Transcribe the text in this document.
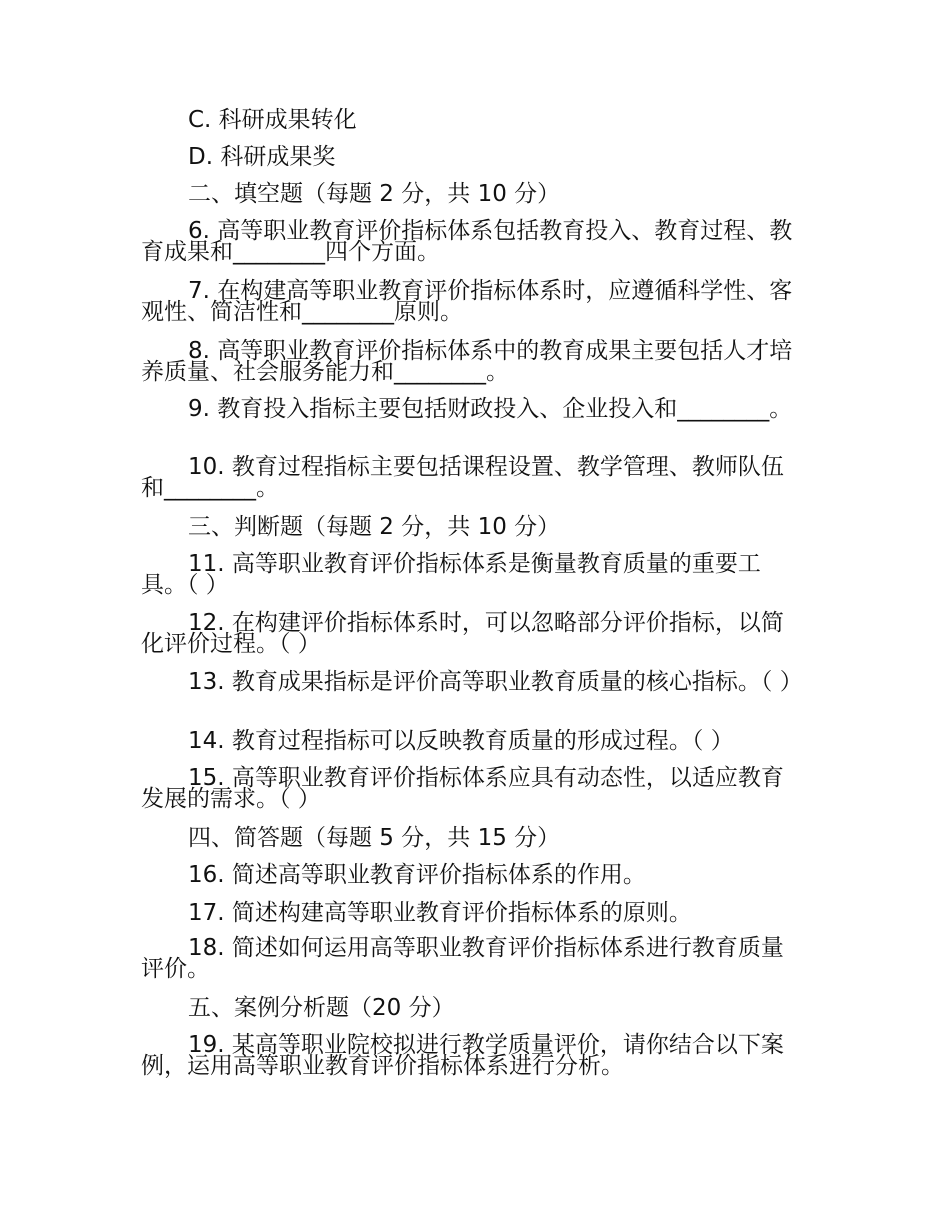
C. 科研成果转化
D. 科研成果奖
二、填空题（每题 2 分，共 10 分）
6. 高等职业教育评价指标体系包括教育投入、教育过程、教育成果和________四个方面。
7. 在构建高等职业教育评价指标体系时，应遵循科学性、客观性、简洁性和________原则。
8. 高等职业教育评价指标体系中的教育成果主要包括人才培养质量、社会服务能力和________。
9. 教育投入指标主要包括财政投入、企业投入和________。
10. 教育过程指标主要包括课程设置、教学管理、教师队伍和________。
三、判断题（每题 2 分，共 10 分）
11. 高等职业教育评价指标体系是衡量教育质量的重要工具。（ ）
12. 在构建评价指标体系时，可以忽略部分评价指标，以简化评价过程。（ ）
13. 教育成果指标是评价高等职业教育质量的核心指标。（ ）
14. 教育过程指标可以反映教育质量的形成过程。（ ）
15. 高等职业教育评价指标体系应具有动态性，以适应教育发展的需求。（ ）
四、简答题（每题 5 分，共 15 分）
16. 简述高等职业教育评价指标体系的作用。
17. 简述构建高等职业教育评价指标体系的原则。
18. 简述如何运用高等职业教育评价指标体系进行教育质量评价。
五、案例分析题（20 分）
19. 某高等职业院校拟进行教学质量评价，请你结合以下案例，运用高等职业教育评价指标体系进行分析。
